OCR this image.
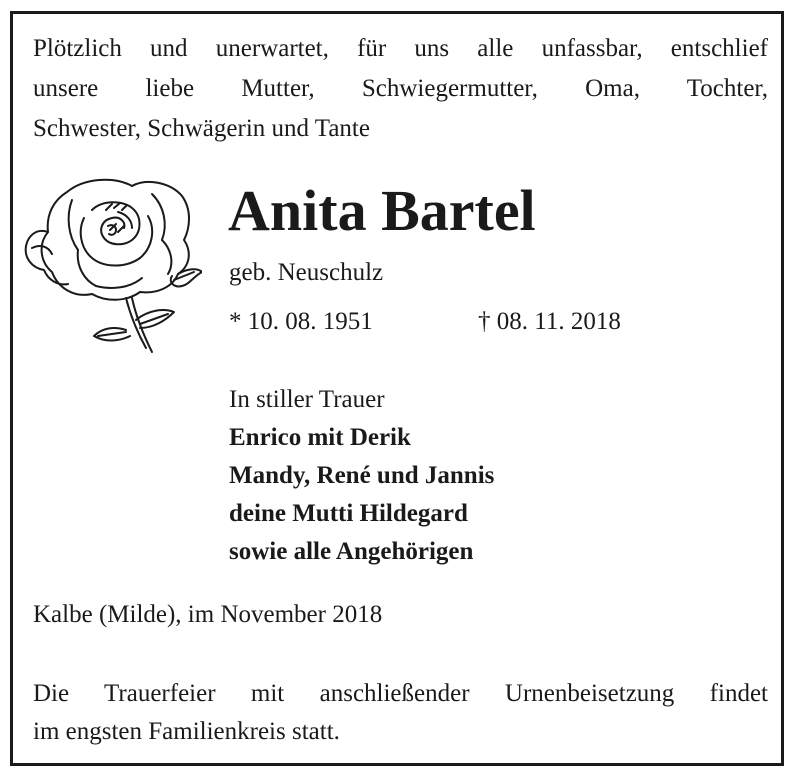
Plötzlich und unerwartet, für uns alle unfassbar, entschlief
unsere liebe Mutter, Schwiegermutter, Oma, Tochter,
Schwester, Schwägerin und Tante
Anita Bartel
geb. Neuschulz
* 10. 08. 1951	† 08. 11. 2018
In stiller Trauer
Enrico mit Derik
Mandy, René und Jannis
deine Mutti Hildegard
sowie alle Angehörigen
Kalbe (Milde), im November 2018
Die Trauerfeier mit anschließender Urnenbeisetzung findet
im engsten Familienkreis statt.
